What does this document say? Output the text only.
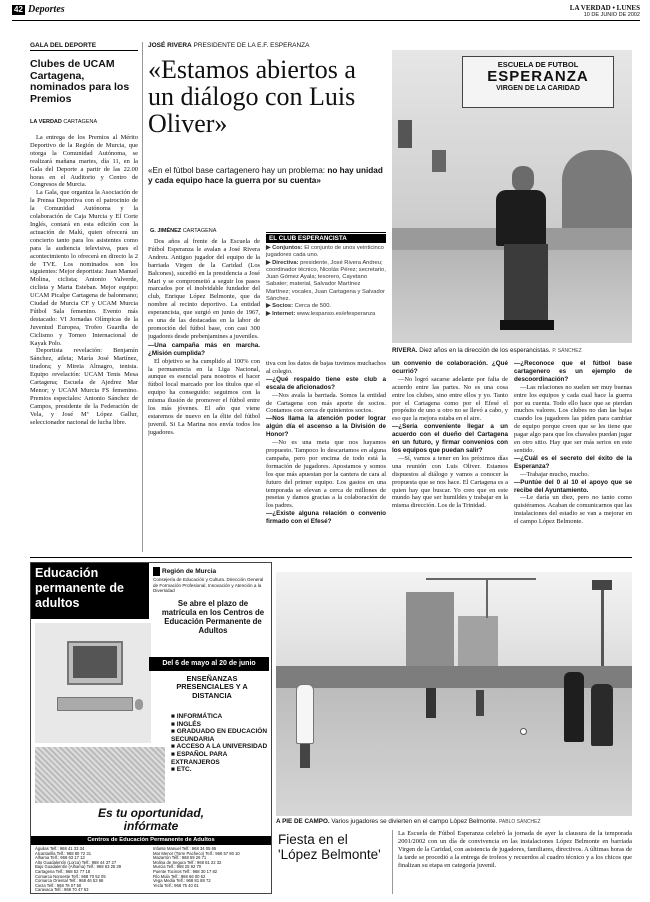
42 Deportes	LA VERDAD • LUNES
10 DE JUNIO DE 2002
GALA DEL DEPORTE
Clubes de UCAM Cartagena, nominados para los Premios
LA VERDAD CARTAGENA

La entrega de los Premios al Mérito Deportivo de la Región de Murcia, que otorga la Comunidad Autónoma, se realizará mañana martes, día 11, en la Gala del Deporte a partir de las 22.00 horas en el Auditorio y Centro de Congresos de Murcia.

La Gala, que organiza la Asociación de la Prensa Deportiva con el patrocinio de la Comunidad Autónoma y la colaboración de Caja Murcia y El Corte Inglés, contará en esta edición con la actuación de Malú, quien ofrecerá un concierto tanto para los asistentes como para la audiencia televisiva, pues el acontecimiento lo ofrecerá en directo la 2 de TVE. Los nominados son los siguientes: Mejor deportista: Juan Manuel Molina, ciclista; Antonio Valverde, ciclista y Marta Esteban. Mejor equipo: UCAM Picalpe Cartagena de balonmano; Ciudad de Murcia CF y UCAM Murcia Fútbol Sala femenino. Evento más destacado: VI Jornadas Olímpicas de la Juventud Europea, Trofeo Guardia de Ciclismo y Torneo Internacional de Kayak Polo.

Deportista revelación: Benjamín Sánchez, atleta; María José Martínez, tiradora; y Mireia Almagro, tenista. Equipo revelación: UCAM Tenis Mesa Cartagena; Escuela de Ajedrez Mar Menor; y UCAM Murcia FS femenino. Premios especiales: Antonio Sánchez de Campos, presidente de la Federación de Vela, y José Mª López Gallur, seleccionador nacional de lucha libre.

JOSÉ RIVERA PRESIDENTE DE LA E.F. ESPERANZA
«Estamos abiertos a un diálogo con Luis Oliver»
«En el fútbol base cartagenero hay un problema: no hay unidad y cada equipo hace la guerra por su cuenta»
G. JIMÉNEZ CARTAGENA

Dos años al frente de la Escuela de Fútbol Esperanza le avalan a José Rivera Andreu. Antiguo jugador del equipo de la barriada Virgen de la Caridad (Los Balcones), sucedió en la presidencia a José Mari y se comprometió a seguir los pasos marcados por el inolvidable fundador del club, Enrique López Belmonte, que da nombre al recinto deportivo. La entidad esperancista, que surgió en junio de 1967, es una de las destacadas en la labor de promoción del fútbol base, con casi 300 jugadores desde prebenjamines a juveniles.

—Una campaña más en marcha. ¿Misión cumplida?

El objetivo se ha cumplido al 100% con la permanencia en la Liga Nacional, aunque es esencial para nosotros el hacer fútbol local marcado por los títulos que el equipo ha conseguido: seguimos con la misma ilusión de promover el fútbol entre los más jóvenes. El año que viene estaremos de nuevo en la élite del fútbol juvenil. Si La Marina nos envía todos los jugadores.

EL CLUB ESPERANCISTA
▶ Conjuntos: El conjunto de unos veinticinco jugadores cada uno.
▶ Directiva: presidente, José Rivera Andreu; coordinador técnico, Nicolás Pérez; secretario, Juan Gómez Ayala; tesorero, Cayetano Sabater; material, Salvador Martínez Martínez; vocales, Juan Cartagena y Salvador Sánchez.
▶ Socios: Cerca de 500.
▶ Internet: www.lespanso.es/efesperanza

tiva con los datos de bajas tuvimos muchachos al colegio.

—¿Qué respaldo tiene este club a escala de aficionados?

—Nos avala la barriada. Somos la entidad de Cartagena con más aporte de socios. Contamos con cerca de quinientos socios.

—Nos llama la atención poder lograr algún día el ascenso a la División de Honor?

—No es una meta que nos hayamos propuesto. Tampoco lo descartamos en alguna campaña, pero por encima de todo está la formación de jugadores. Apostamos y somos los que más apuestan por la cantera de cara al futuro del primer equipo. Los gastos en una temporada se elevan a cerca de millones de pesetas y damos gracias a la colaboración de los padres.

—¿Existe alguna relación o convenio firmado con el Efesé?

ESCUELA DE FUTBOL
ESPERANZA
VIRGEN DE LA CARIDAD
RIVERA. Diez años en la dirección de los esperancistas. P. SÁNCHEZ

un convenio de colaboración. ¿Qué ocurrió?

—No logró sacarse adelante por falta de acuerdo entre las partes. No es una cosa entre los clubes, sino entre ellos y yo. Tanto por el Cartagena como por el Efesé el propósito de uno u otro no se llevó a cabo, y eso que la mejora estaba en el aire.

—¿Sería conveniente llegar a un acuerdo con el dueño del Cartagena en un futuro, y firmar convenios con los equipos que puedan salir?

—Sí, vamos a tener en los próximos días una reunión con Luis Oliver. Estamos dispuestos al diálogo y vamos a conocer la propuesta que se nos hace. El Cartagena es a quien hay que buscar. Yo creo que en este mundo hay que ser humildes y trabajar en la misma dirección. Los de la Trinidad.

—¿Reconoce que el fútbol base cartagenero es un ejemplo de descoordinación?

—Las relaciones no suelen ser muy buenas entre los equipos y cada cual hace la guerra por su cuenta. Todo ello hace que se pierdan muchos valores. Los clubes no dan las bajas cuando los jugadores las piden para cambiar de equipo porque creen que se les tiene que pagar algo para que los chavales puedan jugar en otro sitio. Hay que ser más serios en este sentido.

—¿Cuál es el secreto del éxito de la Esperanza?

—Trabajar mucho, mucho.

—Puntúe del 0 al 10 el apoyo que se recibe del Ayuntamiento.

—Le daría un diez, pero no tanto como quisiéramos. Acaban de comunicarnos que las instalaciones del estadio se van a mejorar en el campo López Belmonte.

Educación permanente de adultos
Región de Murcia
Consejería de Educación y Cultura. Dirección General de Formación Profesional, Innovación y Atención a la Diversidad
Se abre el plazo de matrícula en los Centros de Educación Permanente de Adultos
Del 6 de mayo al 20 de junio
ENSEÑANZAS PRESENCIALES Y A DISTANCIA
■ INFORMÁTICA
■ INGLÉS
■ GRADUADO EN EDUCACIÓN SECUNDARIA
■ ACCESO A LA UNIVERSIDAD
■ ESPAÑOL PARA EXTRANJEROS
■ ETC.
Es tu oportunidad,
infórmate
Centros de Educación Permanente de Adultos
Águilas Telf.: 968 41 33 34
Alcantarilla Telf.: 968 80 72 31
Alhama Telf.: 968 63 17 13
Alto Guadalentín (Lorca) Telf.: 968 44 37 27
Bajo Guadalentín (Alhama) Telf.: 968 63 25 39
Cartagena Telf.: 968 52 77 18
Comarca Noroeste Telf.: 968 70 52 05
Comarca Oriental Telf.: 968 46 53 68
Cieza Telf.: 968 76 07 50
Caravaca Telf.: 968 70 47 63
Infante Manuel Telf.: 968 34 05 65
Mar Menor (Torre Pacheco) Telf.: 968 57 80 10
Mazarrón Telf.: 968 59 26 71
Molina de Segura Telf.: 968 61 22 32
Murcia Telf.: 968 25 92 70
Puente Tocinos Telf.: 968 30 17 82
Río Mula Telf.: 968 66 00 62
Vega Media Telf.: 968 81 88 72
Yecla Telf.: 968 75 40 01
A PIE DE CAMPO. Varios jugadores se divierten en el campo López Belmonte. PABLO SÁNCHEZ
Fiesta en el 'López Belmonte'
La Escuela de Fútbol Esperanza celebró la jornada de ayer la clausura de la temporada 2001/2002 con un día de convivencia en las instalaciones López Belmonte en barriada Virgen de la Caridad, con asistencia de jugadores, familiares, directivos. A últimas horas de la tarde se procedió a la entrega de trofeos y recuerdos al cuadro técnico y a los chicos que finalizan su etapa en categoría juvenil.
